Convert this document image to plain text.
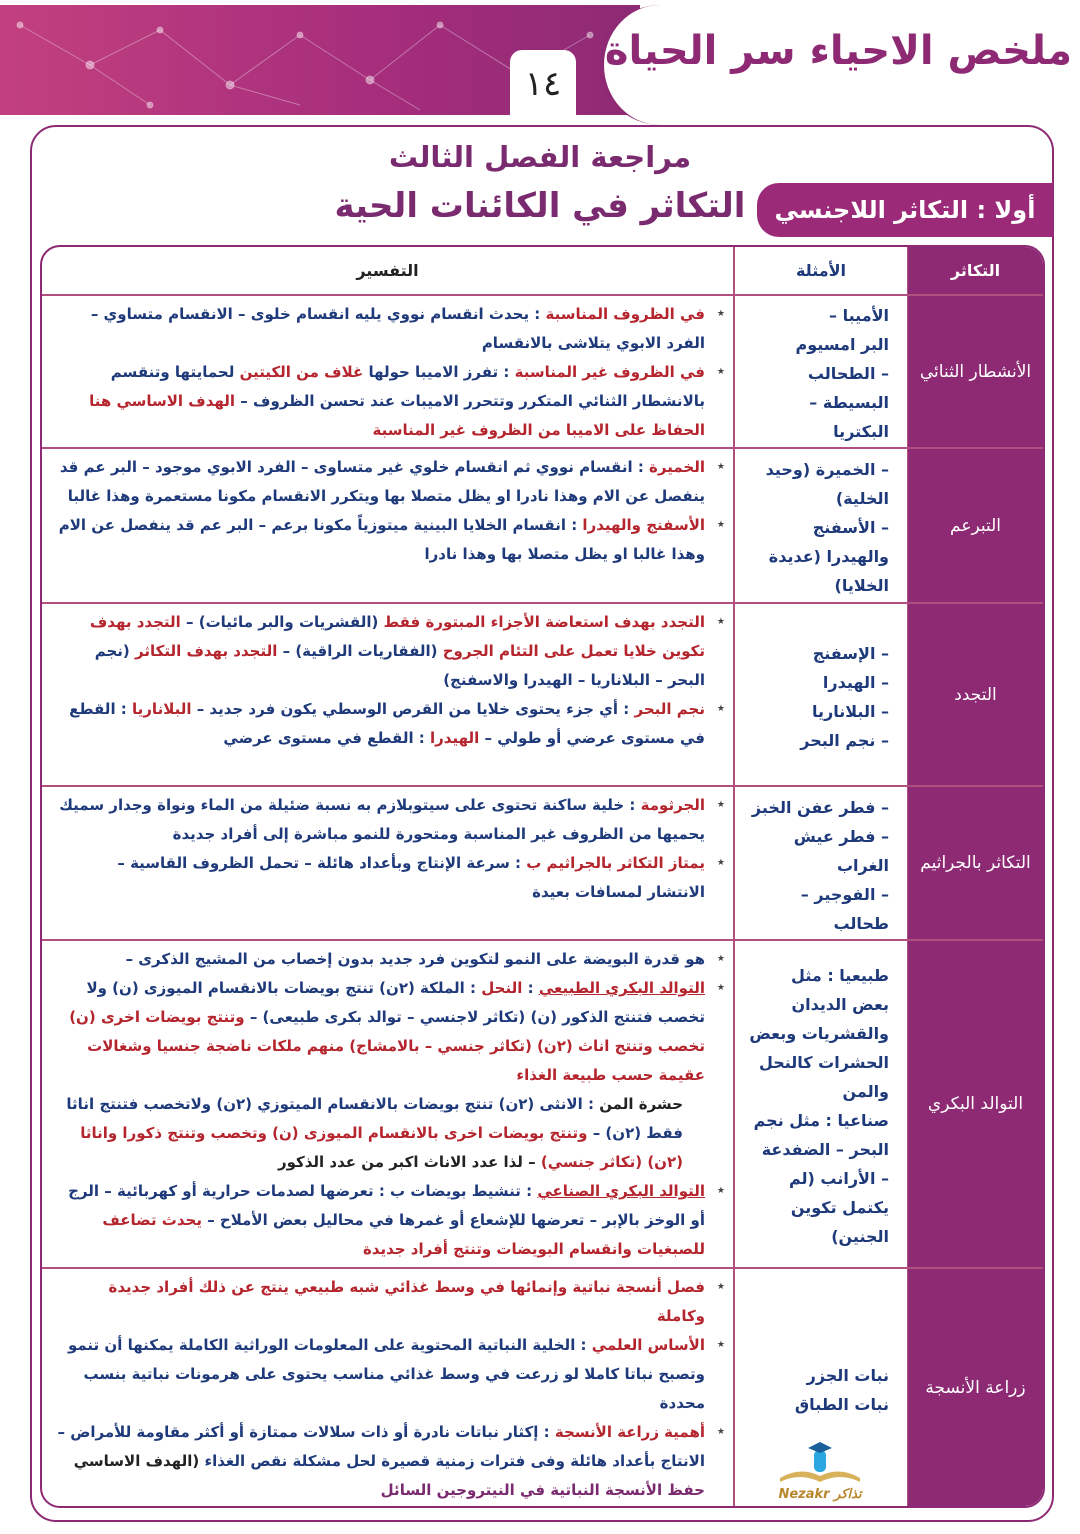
ملخص الاحياء سر الحياة
١٤
مراجعة الفصل الثالث
التكاثر في الكائنات الحية	أولا : التكاثر اللاجنسي
التكاثر
الأمثلة
التفسير
الأنشطار الثنائي
الأميبا –
البر امسيوم
– الطحالب
البسيطة –
البكتريا
★ في الظروف المناسبة : يحدث انقسام نووي يليه انقسام خلوى – الانقسام متساوي – الفرد الابوي يتلاشى بالانقسام
★ في الظروف غير المناسبة : تفرز الاميبا حولها غلاف من الكيتين لحمايتها وتنقسم بالانشطار الثنائي المتكرر وتتحرر الاميبات عند تحسن الظروف – الهدف الاساسي هنا الحفاظ على الاميبا من الظروف غير المناسبة
التبرعم
– الخميرة (وحيد
الخلية)
– الأسفنج
والهيدرا (عديدة
الخلايا)
★ الخميرة : انقسام نووي ثم انقسام خلوي غير متساوى – الفرد الابوي موجود – البر عم قد ينفصل عن الام وهذا نادرا او يظل متصلا بها ويتكرر الانقسام مكونا مستعمرة وهذا غالبا
★ الأسفنج والهيدرا : انقسام الخلايا البينية ميتوزياً مكونا برعم – البر عم قد ينفصل عن الام وهذا غالبا او يظل متصلا بها وهذا نادرا
التجدد
– الإسفنج
– الهيدرا
– البلاناريا
– نجم البحر
★ التجدد بهدف استعاضة الأجزاء المبتورة فقط (القشريات والبر مائيات) – التجدد بهدف تكوين خلايا تعمل على التئام الجروح (الفقاريات الراقية) – التجدد بهدف التكاثر (نجم البحر – البلاناريا – الهيدرا والاسفنج)
★ نجم البحر : أي جزء يحتوى خلايا من القرص الوسطي يكون فرد جديد – البلاناريا : القطع في مستوى عرضي أو طولي – الهيدرا : القطع في مستوى عرضي
التكاثر بالجراثيم
– فطر عفن الخبز
– فطر عيش
الغراب
– الفوجير –
طحالب
★ الجرثومة : خلية ساكنة تحتوى على سيتوبلازم به نسبة ضئيلة من الماء ونواة وجدار سميك يحميها من الظروف غير المناسبة ومتحورة للنمو مباشرة إلى أفراد جديدة
★ يمتاز التكاثر بالجراثيم ب : سرعة الإنتاج وبأعداد هائلة – تحمل الظروف القاسية – الانتشار لمسافات بعيدة
التوالد البكري
طبيعيا : مثل
بعض الديدان
والقشريات وبعض
الحشرات كالنحل
والمن
صناعيا : مثل نجم
البحر – الضفدعة
– الأرانب (لم
يكتمل تكوين
الجنين)
★ هو قدرة البويضة على النمو لتكوين فرد جديد بدون إخصاب من المشيج الذكرى –
★ التوالد البكري الطبيعي : النحل : الملكة (٢ن) تنتج بويضات بالانقسام الميوزى (ن) ولا تخصب فتنتج الذكور (ن) (تكاثر لاجنسي – توالد بكرى طبيعى) – وتنتج بويضات اخرى (ن) تخصب وتنتج اناث (٢ن) (تكاثر جنسي – بالامشاج) منهم ملكات ناضجة جنسيا وشغالات عقيمة حسب طبيعة الغذاء
حشرة المن : الانثى (٢ن) تنتج بويضات بالانقسام الميتوزي (٢ن) ولاتخصب فتنتج اناثا فقط (٢ن) – وتنتج بويضات اخرى بالانقسام الميوزى (ن) وتخصب وتنتج ذكورا واناثا (٢ن) (تكاثر جنسي) – لذا عدد الاناث اكبر من عدد الذكور
★ التوالد البكري الصناعي : تنشيط بويضات ب : تعرضها لصدمات حرارية أو كهربائية – الرج أو الوخز بالإبر – تعرضها للإشعاع أو غمرها في محاليل بعض الأملاح – يحدث تضاعف للصبغيات وانقسام البويضات وتنتج أفراد جديدة
زراعة الأنسجة
نبات الجزر
نبات الطباق
★ فصل أنسجة نباتية وإنمائها في وسط غذائي شبه طبيعي ينتج عن ذلك أفراد جديدة وكاملة
★ الأساس العلمي : الخلية النباتية المحتوية على المعلومات الوراثية الكاملة يمكنها أن تنمو وتصبح نباتا كاملا لو زرعت في وسط غذائي مناسب يحتوى على هرمونات نباتية بنسب محددة
★ أهمية زراعة الأنسجة : إكثار نباتات نادرة أو ذات سلالات ممتازة أو أكثر مقاومة للأمراض – الانتاج بأعداد هائلة وفى فترات زمنية قصيرة لحل مشكلة نقص الغذاء (الهدف الاساسي حفظ الأنسجة النباتية في النيتروجين السائل	Nezakr تذاكر
